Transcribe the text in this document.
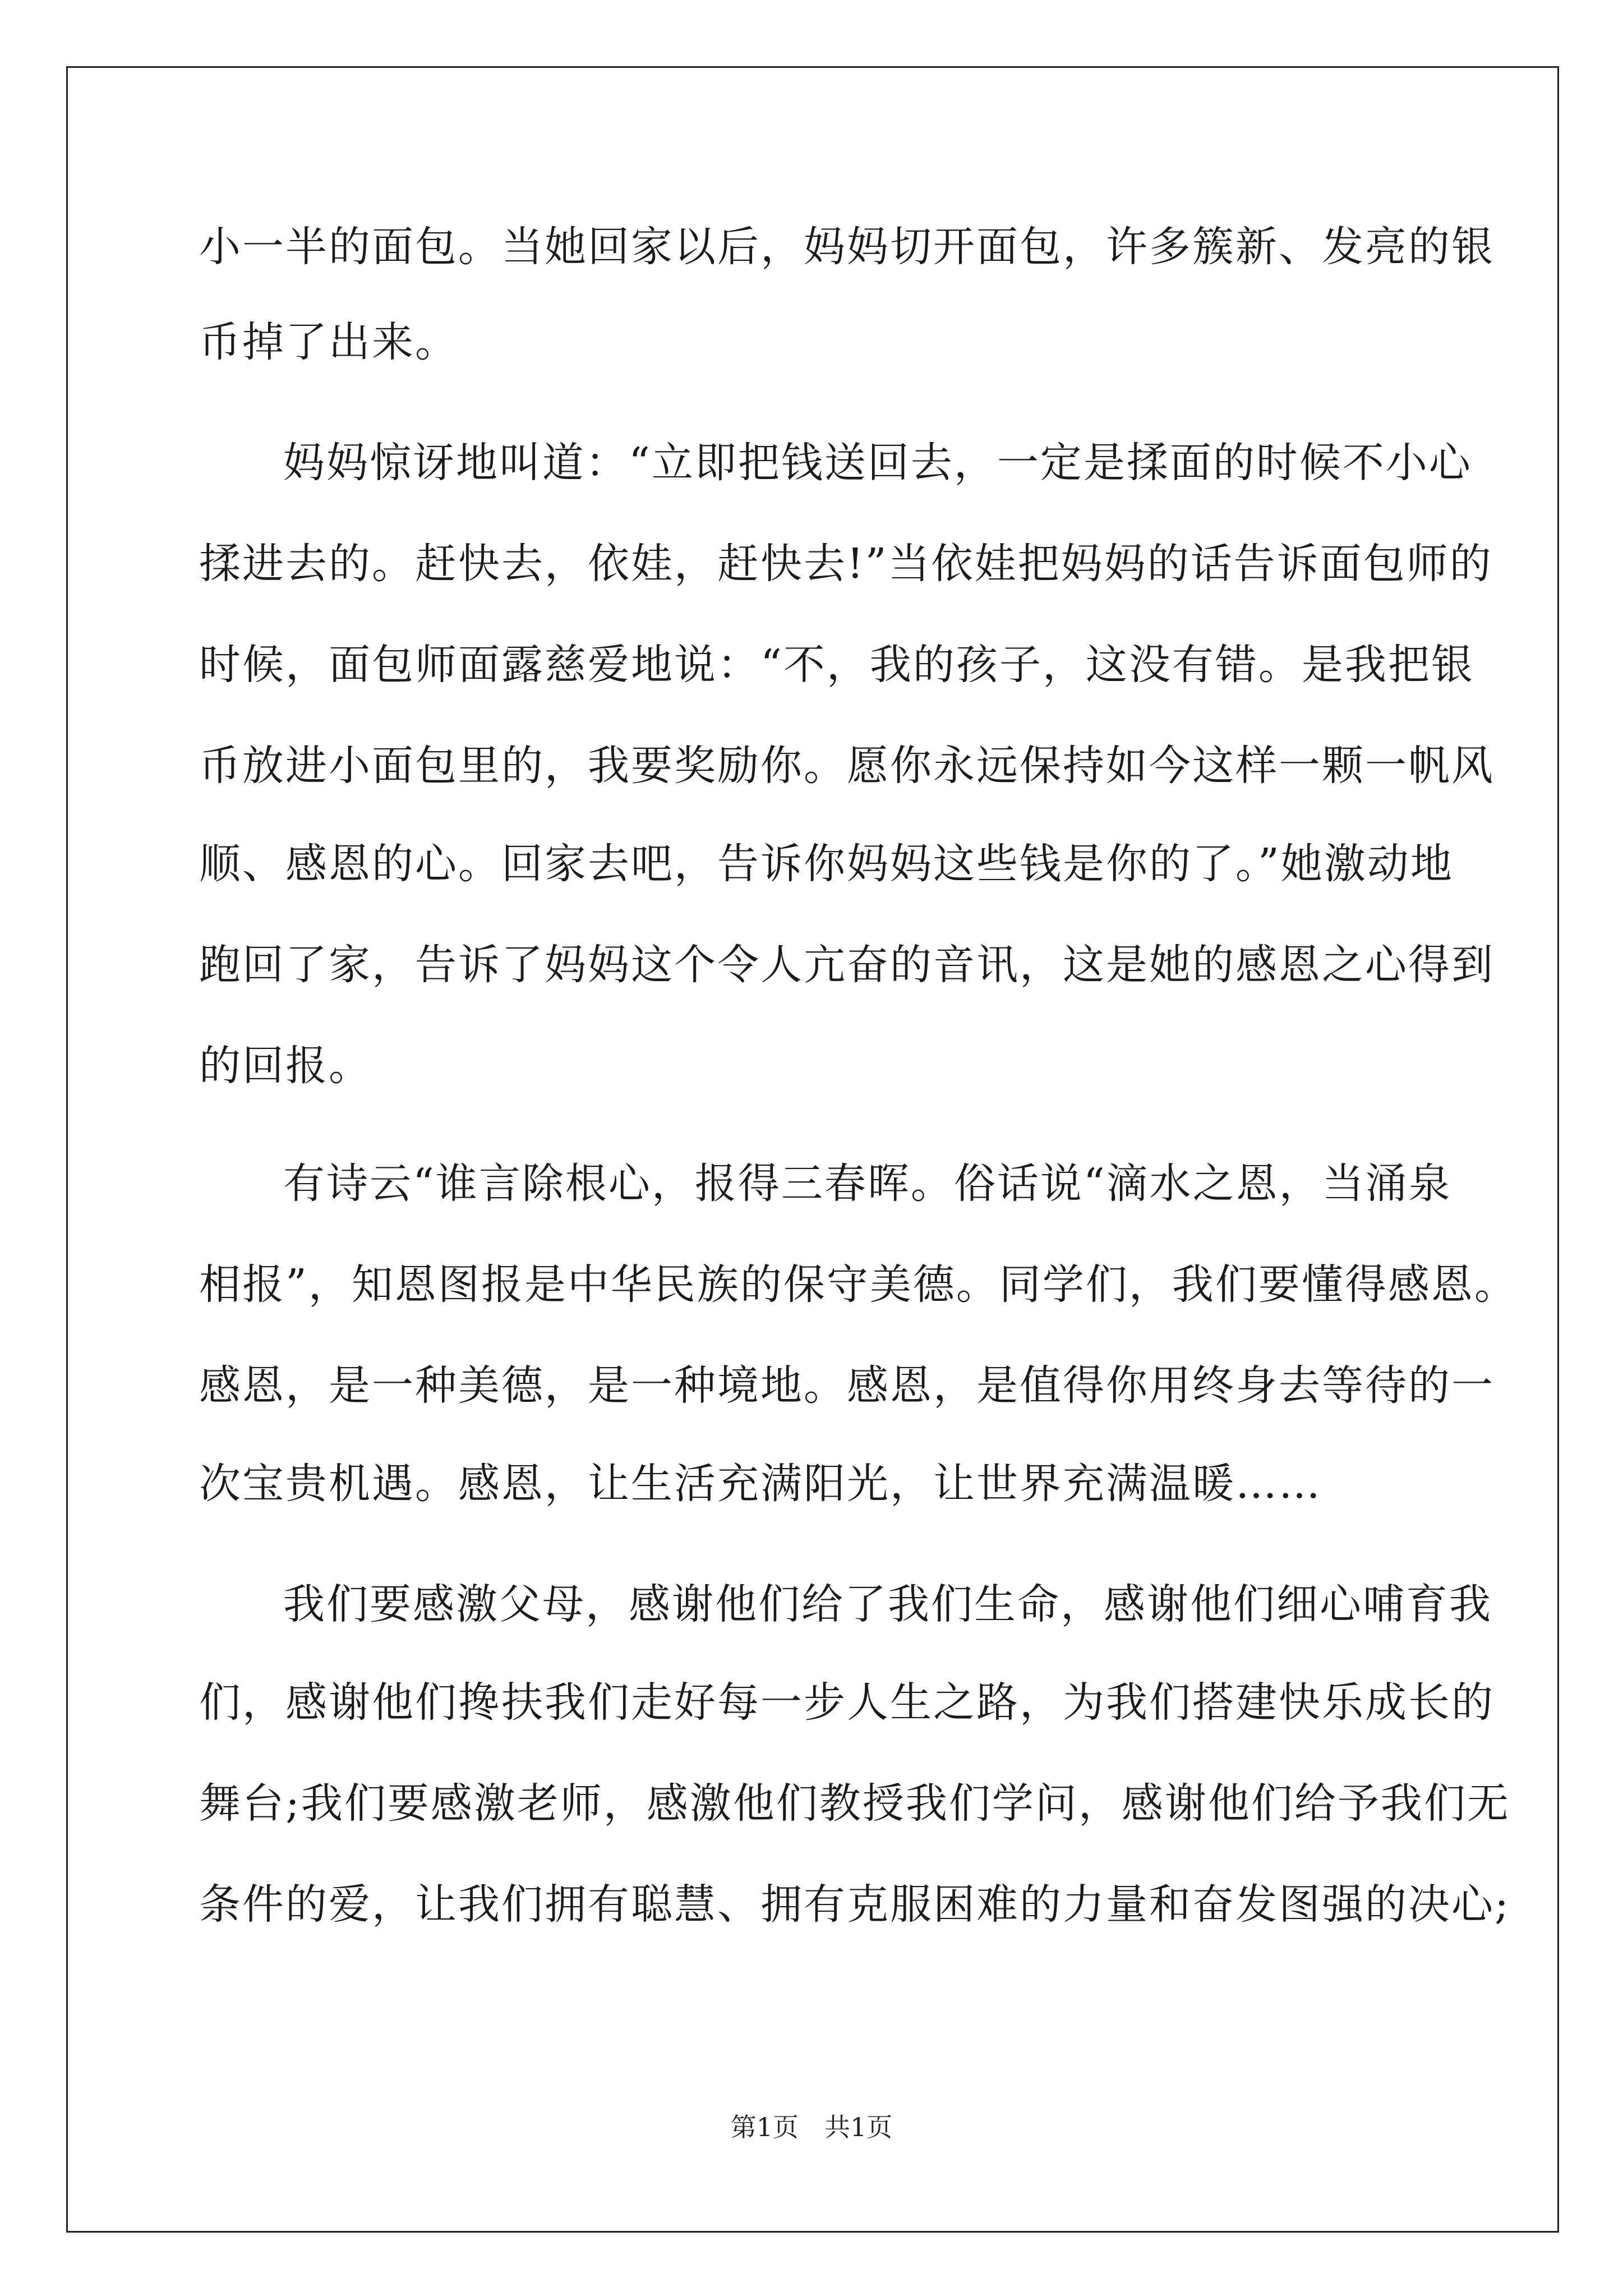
小一半的面包。当她回家以后，妈妈切开面包，许多簇新、发亮的银
币掉了出来。
妈妈惊讶地叫道：“立即把钱送回去，一定是揉面的时候不小心
揉进去的。赶快去，依娃，赶快去!”当依娃把妈妈的话告诉面包师的
时候，面包师面露慈爱地说：“不，我的孩子，这没有错。是我把银
币放进小面包里的，我要奖励你。愿你永远保持如今这样一颗一帆风
顺、感恩的心。回家去吧，告诉你妈妈这些钱是你的了。”她激动地
跑回了家，告诉了妈妈这个令人亢奋的音讯，这是她的感恩之心得到
的回报。
有诗云“谁言除根心，报得三春晖。俗话说“滴水之恩，当涌泉
相报”，知恩图报是中华民族的保守美德。同学们，我们要懂得感恩。
感恩，是一种美德，是一种境地。感恩，是值得你用终身去等待的一
次宝贵机遇。感恩，让生活充满阳光，让世界充满温暖……
我们要感激父母，感谢他们给了我们生命，感谢他们细心哺育我
们，感谢他们搀扶我们走好每一步人生之路，为我们搭建快乐成长的
舞台;我们要感激老师，感激他们教授我们学问，感谢他们给予我们无
条件的爱，让我们拥有聪慧、拥有克服困难的力量和奋发图强的决心;
第1页　共1页
